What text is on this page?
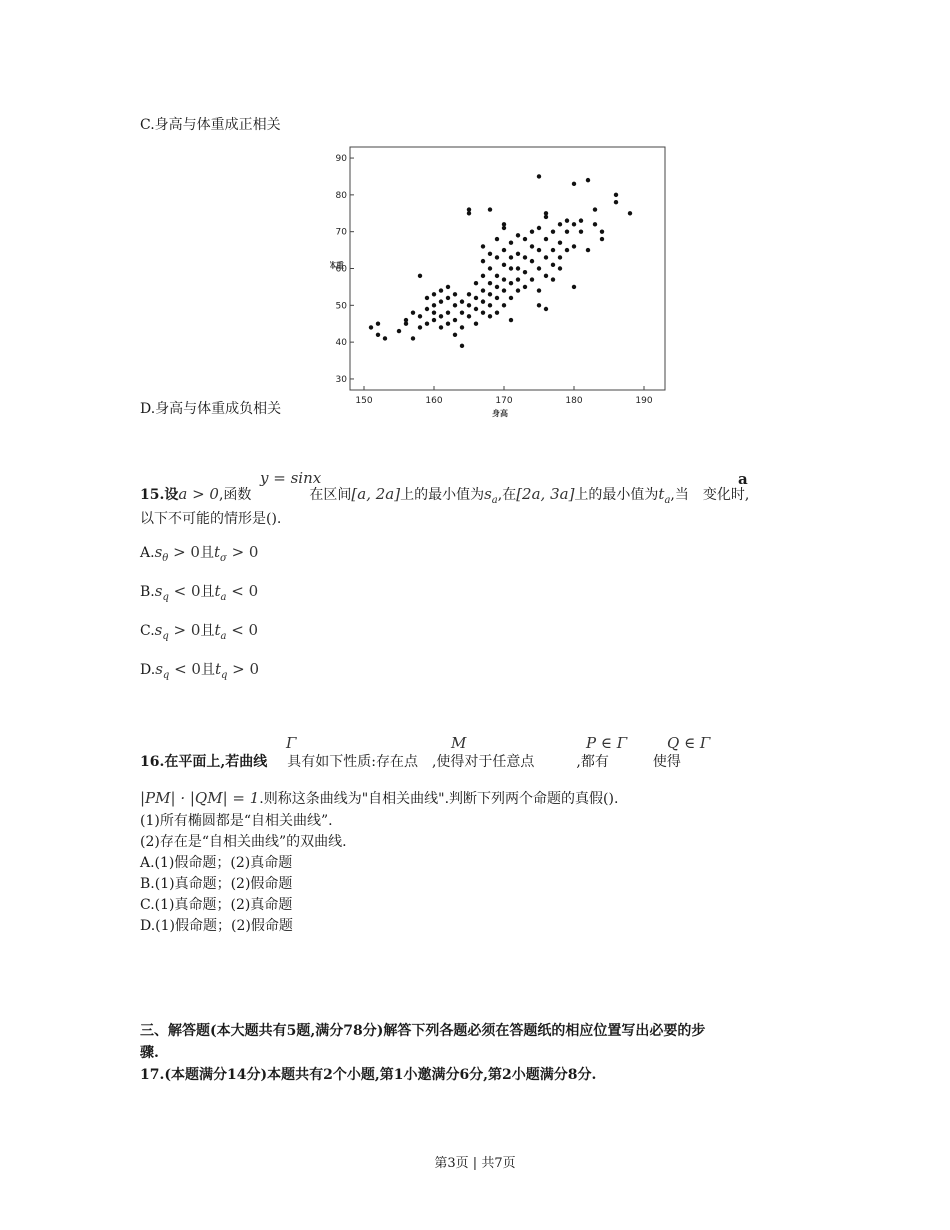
C.身高与体重成正相关
D.身高与体重成负相关
30
40
50
60
70
80
90
150	160	170	180	190
体重
身高
y = sinx	a
15.设a > 0,函数	在区间[a, 2a]上的最小值为$s_a$,在[2a, 3a]上的最小值为$t_a$,当 变化时,
以下不可能的情形是().
$A.s_\theta > 0$且$t_\sigma > 0$
$B.s_q < 0$且$t_a < 0$
$C.s_q > 0$且$t_a < 0$
$D.s_q < 0$且$t_q > 0$
Γ	M	P ∈ Γ	Q ∈ Γ
16.在平面上,若曲线 具有如下性质:存在点 ,使得对于任意点	,都有	使得
|PM| · |QM| = 1.则称这条曲线为"自相关曲线".判断下列两个命题的真假().
(1)所有椭圆都是“自相关曲线”.
(2)存在是“自相关曲线”的双曲线.
A.(1)假命题；(2)真命题
B.(1)真命题；(2)假命题
C.(1)真命题；(2)真命题
D.(1)假命题；(2)假命题
三、解答题(本大题共有5题,满分78分)解答下列各题必须在答题纸的相应位置写出必要的步
骤.
17.(本题满分14分)本题共有2个小题,第1小邀满分6分,第2小题满分8分.
第3页 | 共7页
